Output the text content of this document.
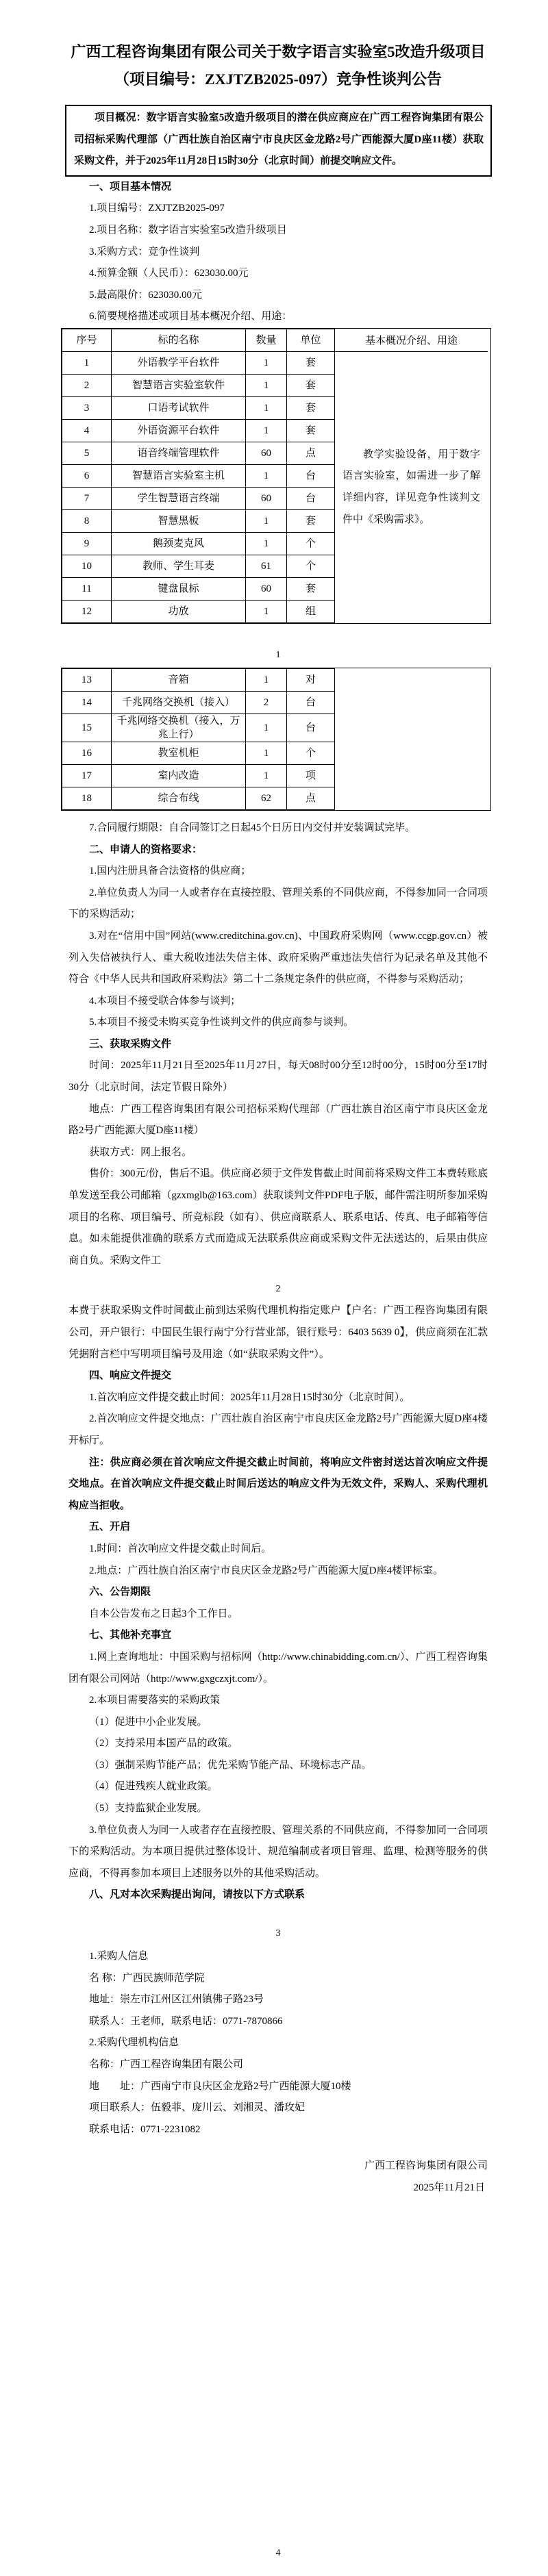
广西工程咨询集团有限公司关于数字语言实验室5改造升级项目
（项目编号：ZXJTZB2025-097）竞争性谈判公告

项目概况：数字语言实验室5改造升级项目的潜在供应商应在广西工程咨询集团有限公司招标采购代理部（广西壮族自治区南宁市良庆区金龙路2号广西能源大厦D座11楼）获取采购文件，并于2025年11月28日15时30分（北京时间）前提交响应文件。

一、项目基本情况

1.项目编号：ZXJTZB2025-097

2.项目名称：数字语言实验室5改造升级项目

3.采购方式：竞争性谈判

4.预算金额（人民币）：623030.00元

5.最高限价：623030.00元

6.简要规格描述或项目基本概况介绍、用途：

序号	标的名称	数量	单位
1	外语教学平台软件	1	套
2	智慧语言实验室软件	1	套
3	口语考试软件	1	套
4	外语资源平台软件	1	套
5	语音终端管理软件	60	点
6	智慧语言实验室主机	1	台
7	学生智慧语言终端	60	台
8	智慧黑板	1	套
9	鹅颈麦克风	1	个
10	教师、学生耳麦	61	个
11	键盘鼠标	60	套
12	功放	1	组
基本概况介绍、用途

教学实验设备，用于数字语言实验室，如需进一步了解详细内容，详见竞争性谈判文件中《采购需求》。

1

13	音箱	1	对
14	千兆网络交换机（接入）	2	台
15	千兆网络交换机（接入，万兆上行）	1	台
16	教室机柜	1	个
17	室内改造	1	项
18	综合布线	62	点

7.合同履行期限：自合同签订之日起45个日历日内交付并安装调试完毕。

二、申请人的资格要求：

1.国内注册具备合法资格的供应商；

2.单位负责人为同一人或者存在直接控股、管理关系的不同供应商，不得参加同一合同项下的采购活动；

3.对在“信用中国”网站(www.creditchina.gov.cn)、中国政府采购网（www.ccgp.gov.cn）被列入失信被执行人、重大税收违法失信主体、政府采购严重违法失信行为记录名单及其他不符合《中华人民共和国政府采购法》第二十二条规定条件的供应商，不得参与采购活动；

4.本项目不接受联合体参与谈判；

5.本项目不接受未购买竞争性谈判文件的供应商参与谈判。

三、获取采购文件

时间：2025年11月21日至2025年11月27日，每天08时00分至12时00分，15时00分至17时30分（北京时间，法定节假日除外）

地点：广西工程咨询集团有限公司招标采购代理部（广西壮族自治区南宁市良庆区金龙路2号广西能源大厦D座11楼）

获取方式：网上报名。

售价：300元/份，售后不退。供应商必须于文件发售截止时间前将采购文件工本费转账底单发送至我公司邮箱（gzxmglb@163.com）获取谈判文件PDF电子版，邮件需注明所参加采购项目的名称、项目编号、所竞标段（如有）、供应商联系人、联系电话、传真、电子邮箱等信息。如未能提供准确的联系方式而造成无法联系供应商或采购文件无法送达的，后果由供应商自负。采购文件工

2

本费于获取采购文件时间截止前到达采购代理机构指定账户【户名：广西工程咨询集团有限公司，开户银行：中国民生银行南宁分行营业部，银行账号：6403 5639 0】，供应商须在汇款凭据附言栏中写明项目编号及用途（如“获取采购文件”）。

四、响应文件提交

1.首次响应文件提交截止时间：2025年11月28日15时30分（北京时间）。

2.首次响应文件提交地点：广西壮族自治区南宁市良庆区金龙路2号广西能源大厦D座4楼开标厅。

注：供应商必须在首次响应文件提交截止时间前，将响应文件密封送达首次响应文件提交地点。在首次响应文件提交截止时间后送达的响应文件为无效文件，采购人、采购代理机构应当拒收。

五、开启

1.时间：首次响应文件提交截止时间后。

2.地点：广西壮族自治区南宁市良庆区金龙路2号广西能源大厦D座4楼评标室。

六、公告期限

自本公告发布之日起3个工作日。

七、其他补充事宜

1.网上查询地址：中国采购与招标网（http://www.chinabidding.com.cn/）、广西工程咨询集团有限公司网站（http://www.gxgczxjt.com/）。

2.本项目需要落实的采购政策

（1）促进中小企业发展。

（2）支持采用本国产品的政策。

（3）强制采购节能产品；优先采购节能产品、环境标志产品。

（4）促进残疾人就业政策。

（5）支持监狱企业发展。

3.单位负责人为同一人或者存在直接控股、管理关系的不同供应商，不得参加同一合同项下的采购活动。为本项目提供过整体设计、规范编制或者项目管理、监理、检测等服务的供应商，不得再参加本项目上述服务以外的其他采购活动。

八、凡对本次采购提出询问，请按以下方式联系

3

1.采购人信息

名 称：广西民族师范学院

地址：崇左市江州区江州镇佛子路23号

联系人：王老师，联系电话：0771-7870866

2.采购代理机构信息

名称：广西工程咨询集团有限公司

地　　址：广西南宁市良庆区金龙路2号广西能源大厦10楼

项目联系人：伍毅菲、庞川云、刘湘灵、潘玫妃

联系电话：0771-2231082

广西工程咨询集团有限公司

2025年11月21日

4
